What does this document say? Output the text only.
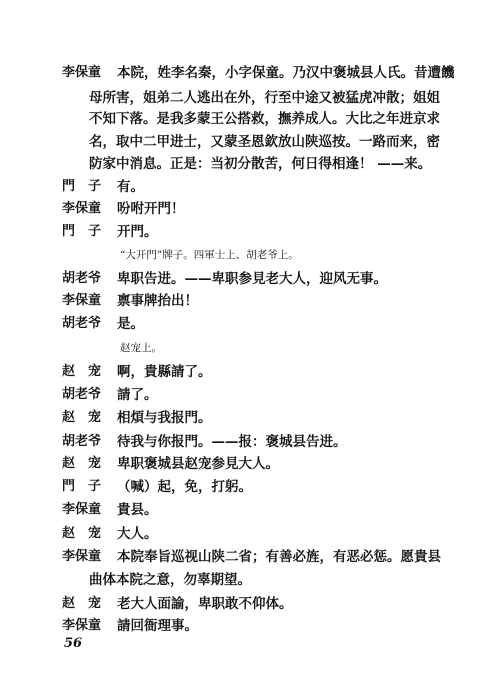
李保童	本院，姓李名秦，小字保童。乃汉中褒城县人氏。昔遭饑
母所害，姐弟二人逃出在外，行至中途又被猛虎冲散；姐姐
不知下落。是我多蒙王公搭救，撫养成人。大比之年进京求
名，取中二甲进士，又蒙圣恩欽放山陕巡按。一路而来，密
防家中消息。正是：当初分散苦，何日得相逢！ ——来。
門　子	有。
李保童	吩咐开門！
門　子	开門。
“大开門”牌子。四軍士上、胡老爷上。
胡老爷	卑职告进。——卑职参見老大人，迎风无事。
李保童	禀事牌抬出！
胡老爷	是。
赵宠上。
赵　宠	啊，貴縣請了。
胡老爷	請了。
赵　宠	相煩与我报門。
胡老爷	待我与你报門。——报：褒城县告进。
赵　宠	卑职褒城县赵宠参見大人。
門　子	（喊）起，免，打躬。
李保童	貴县。
赵　宠	大人。
李保童	本院奉旨巡视山陕二省；有善必旌，有恶必惩。愿貴县
曲体本院之意，勿辜期望。
赵　宠	老大人面諭，卑职敢不仰体。
李保童	請回衙理事。
56
